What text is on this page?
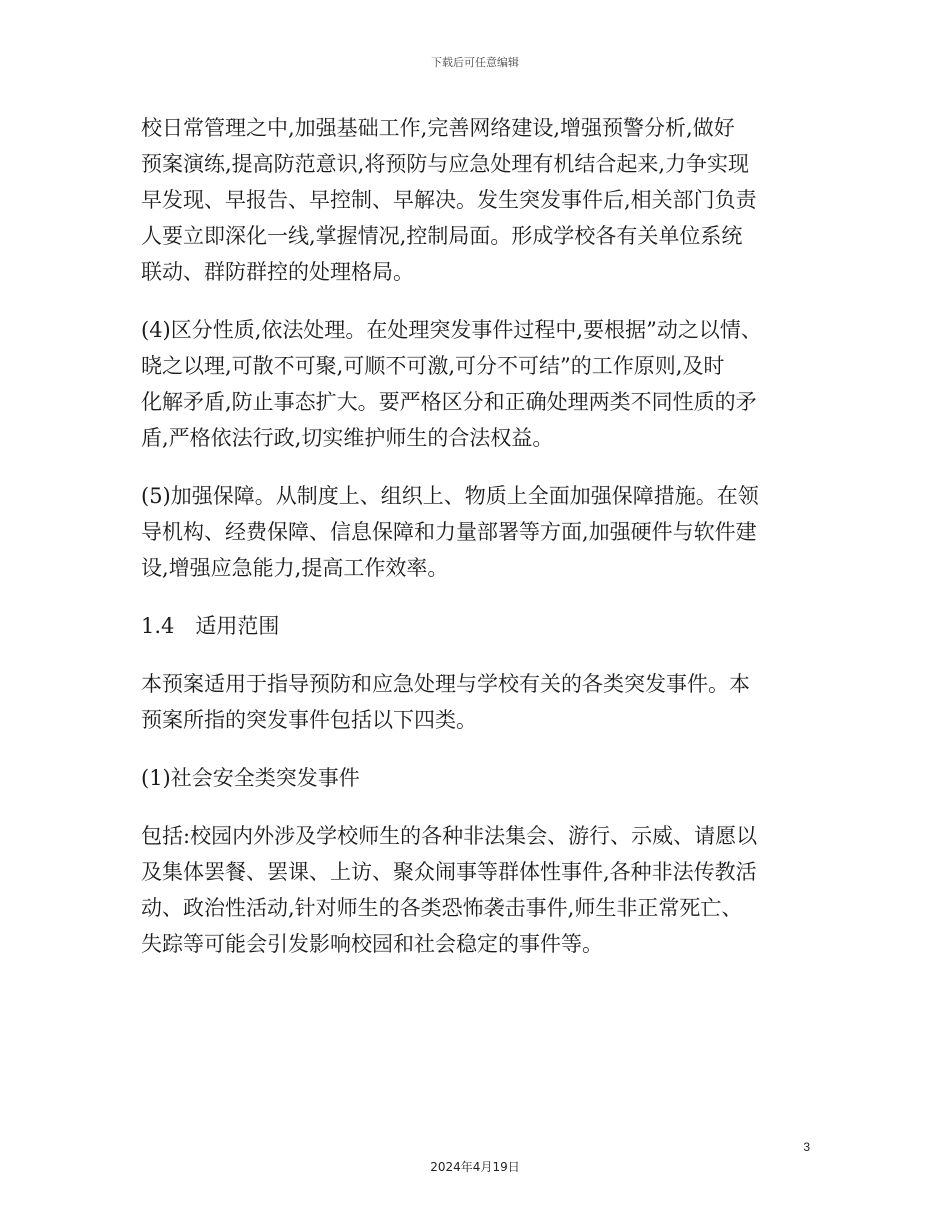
下载后可任意编辑
校日常管理之中,加强基础工作,完善网络建设,增强预警分析,做好
预案演练,提高防范意识,将预防与应急处理有机结合起来,力争实现
早发现、早报告、早控制、早解决。发生突发事件后,相关部门负责
人要立即深化一线,掌握情况,控制局面。形成学校各有关单位系统
联动、群防群控的处理格局。
(4)区分性质,依法处理。在处理突发事件过程中,要根据”动之以情、
晓之以理,可散不可聚,可顺不可激,可分不可结”的工作原则,及时
化解矛盾,防止事态扩大。要严格区分和正确处理两类不同性质的矛
盾,严格依法行政,切实维护师生的合法权益。
(5)加强保障。从制度上、组织上、物质上全面加强保障措施。在领
导机构、经费保障、信息保障和力量部署等方面,加强硬件与软件建
设,增强应急能力,提高工作效率。
1.4　适用范围
本预案适用于指导预防和应急处理与学校有关的各类突发事件。本
预案所指的突发事件包括以下四类。
(1)社会安全类突发事件
包括:校园内外涉及学校师生的各种非法集会、游行、示威、请愿以
及集体罢餐、罢课、上访、聚众闹事等群体性事件,各种非法传教活
动、政治性活动,针对师生的各类恐怖袭击事件,师生非正常死亡、
失踪等可能会引发影响校园和社会稳定的事件等。
3
2024年4月19日
